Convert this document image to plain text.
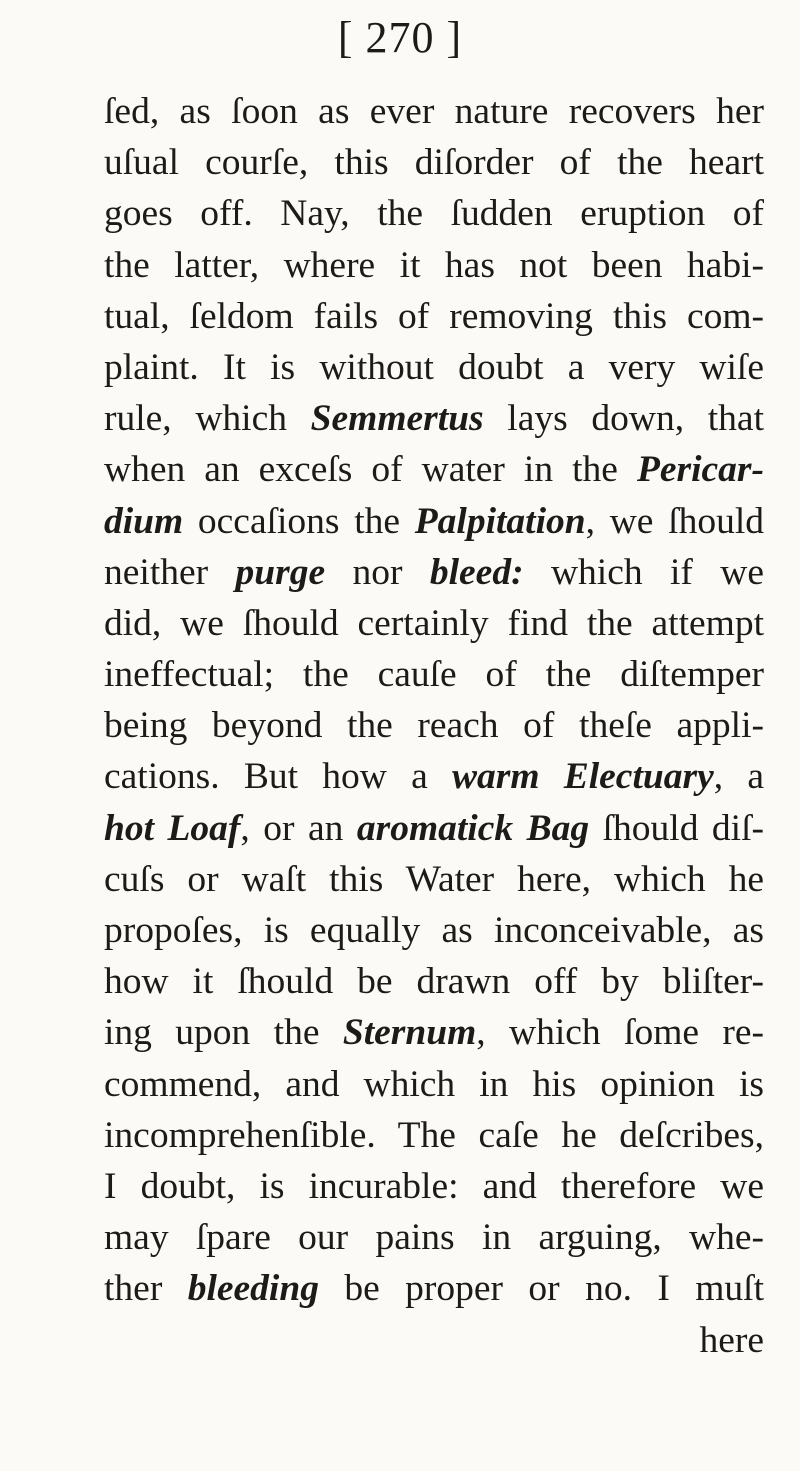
[ 270 ]
ſed, as ſoon as ever nature recovers her
uſual courſe, this diſorder of the heart
goes off. Nay, the ſudden eruption of
the latter, where it has not been habi-
tual, ſeldom fails of removing this com-
plaint. It is without doubt a very wiſe
rule, which Semmertus lays down, that
when an exceſs of water in the Pericar-
dium occaſions the Palpitation, we ſhould
neither purge nor bleed: which if we
did, we ſhould certainly find the attempt
ineffectual; the cauſe of the diſtemper
being beyond the reach of theſe appli-
cations. But how a warm Electuary, a
hot Loaf, or an aromatick Bag ſhould diſ-
cuſs or waſt this Water here, which he
propoſes, is equally as inconceivable, as
how it ſhould be drawn off by bliſter-
ing upon the Sternum, which ſome re-
commend, and which in his opinion is
incomprehenſible. The caſe he deſcribes,
I doubt, is incurable: and therefore we
may ſpare our pains in arguing, whe-
ther bleeding be proper or no. I muſt
here
